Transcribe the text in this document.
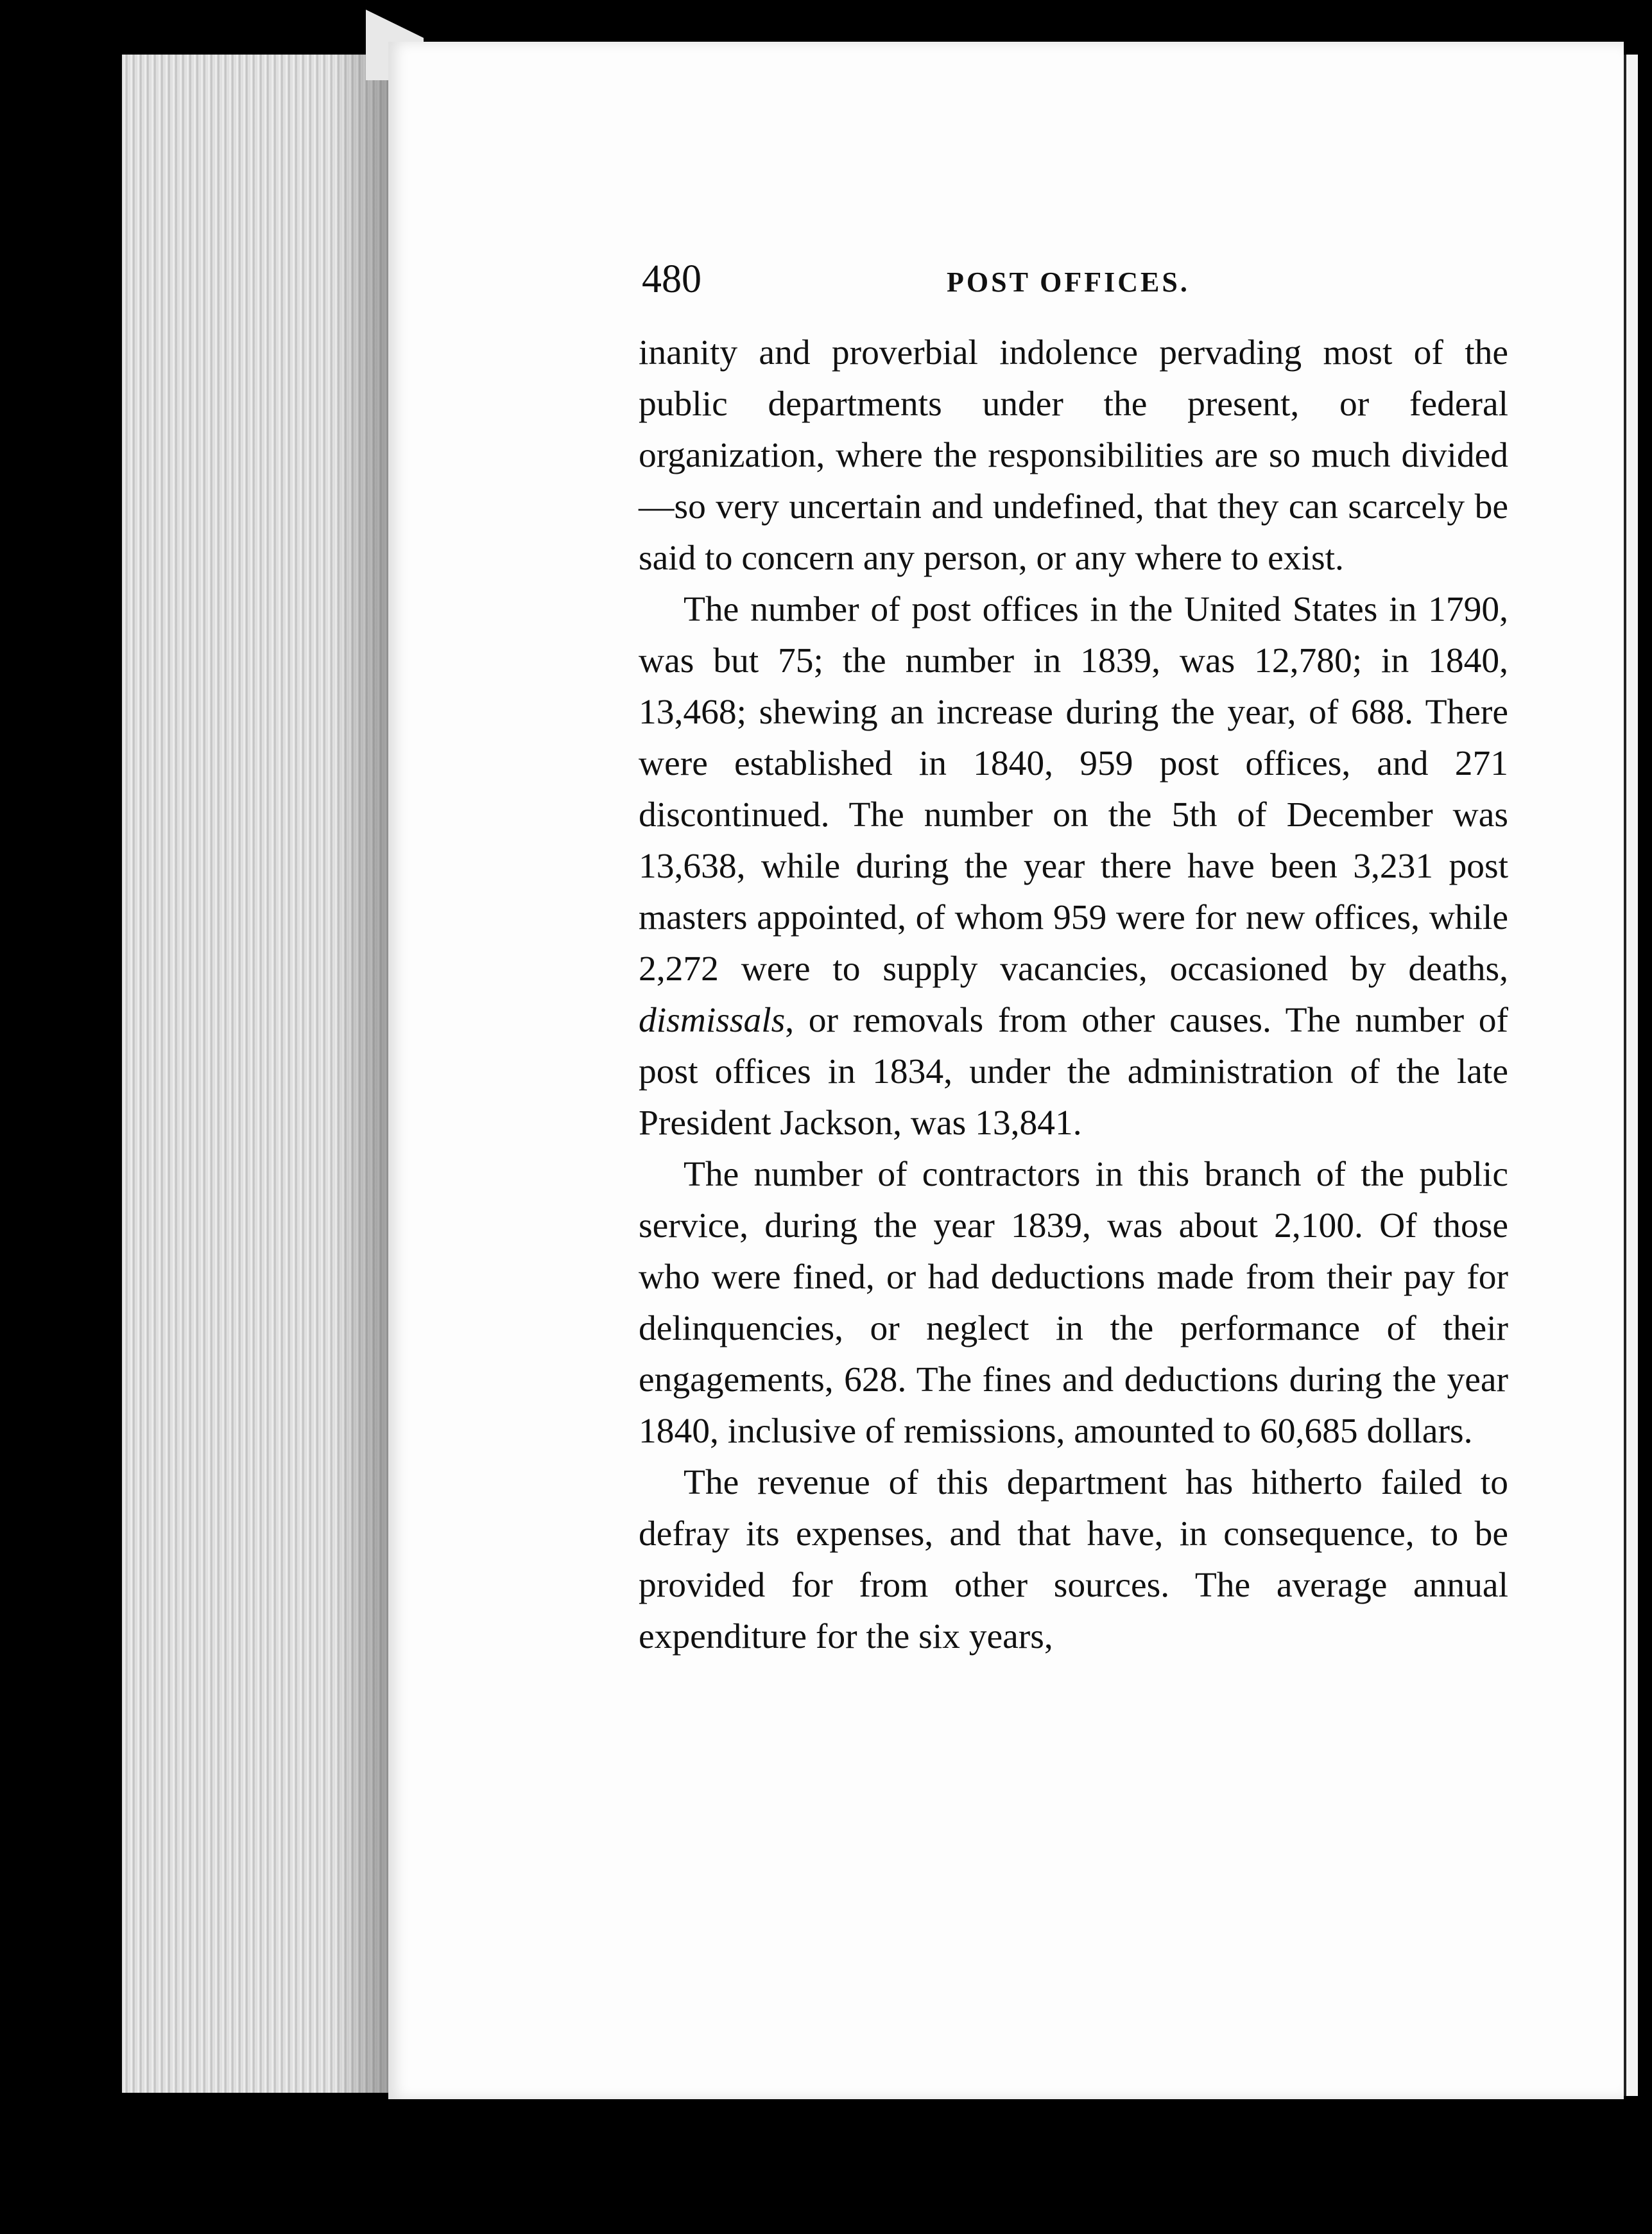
480	POST OFFICES.

inanity and proverbial indolence pervading most of the public departments under the present, or federal organization, where the responsibilities are so much divided—so very uncertain and undefined, that they can scarcely be said to concern any person, or any where to exist.

The number of post offices in the United States in 1790, was but 75; the number in 1839, was 12,780; in 1840, 13,468; shewing an increase during the year, of 688. There were established in 1840, 959 post offices, and 271 discontinued. The number on the 5th of December was 13,638, while during the year there have been 3,231 post masters appointed, of whom 959 were for new offices, while 2,272 were to supply vacancies, occasioned by deaths, dismissals, or removals from other causes. The number of post offices in 1834, under the administration of the late President Jackson, was 13,841.

The number of contractors in this branch of the public service, during the year 1839, was about 2,100. Of those who were fined, or had deductions made from their pay for delinquencies, or neglect in the performance of their engagements, 628. The fines and deductions during the year 1840, inclusive of remissions, amounted to 60,685 dollars.

The revenue of this department has hitherto failed to defray its expenses, and that have, in consequence, to be provided for from other sources. The average annual expenditure for the six years,
